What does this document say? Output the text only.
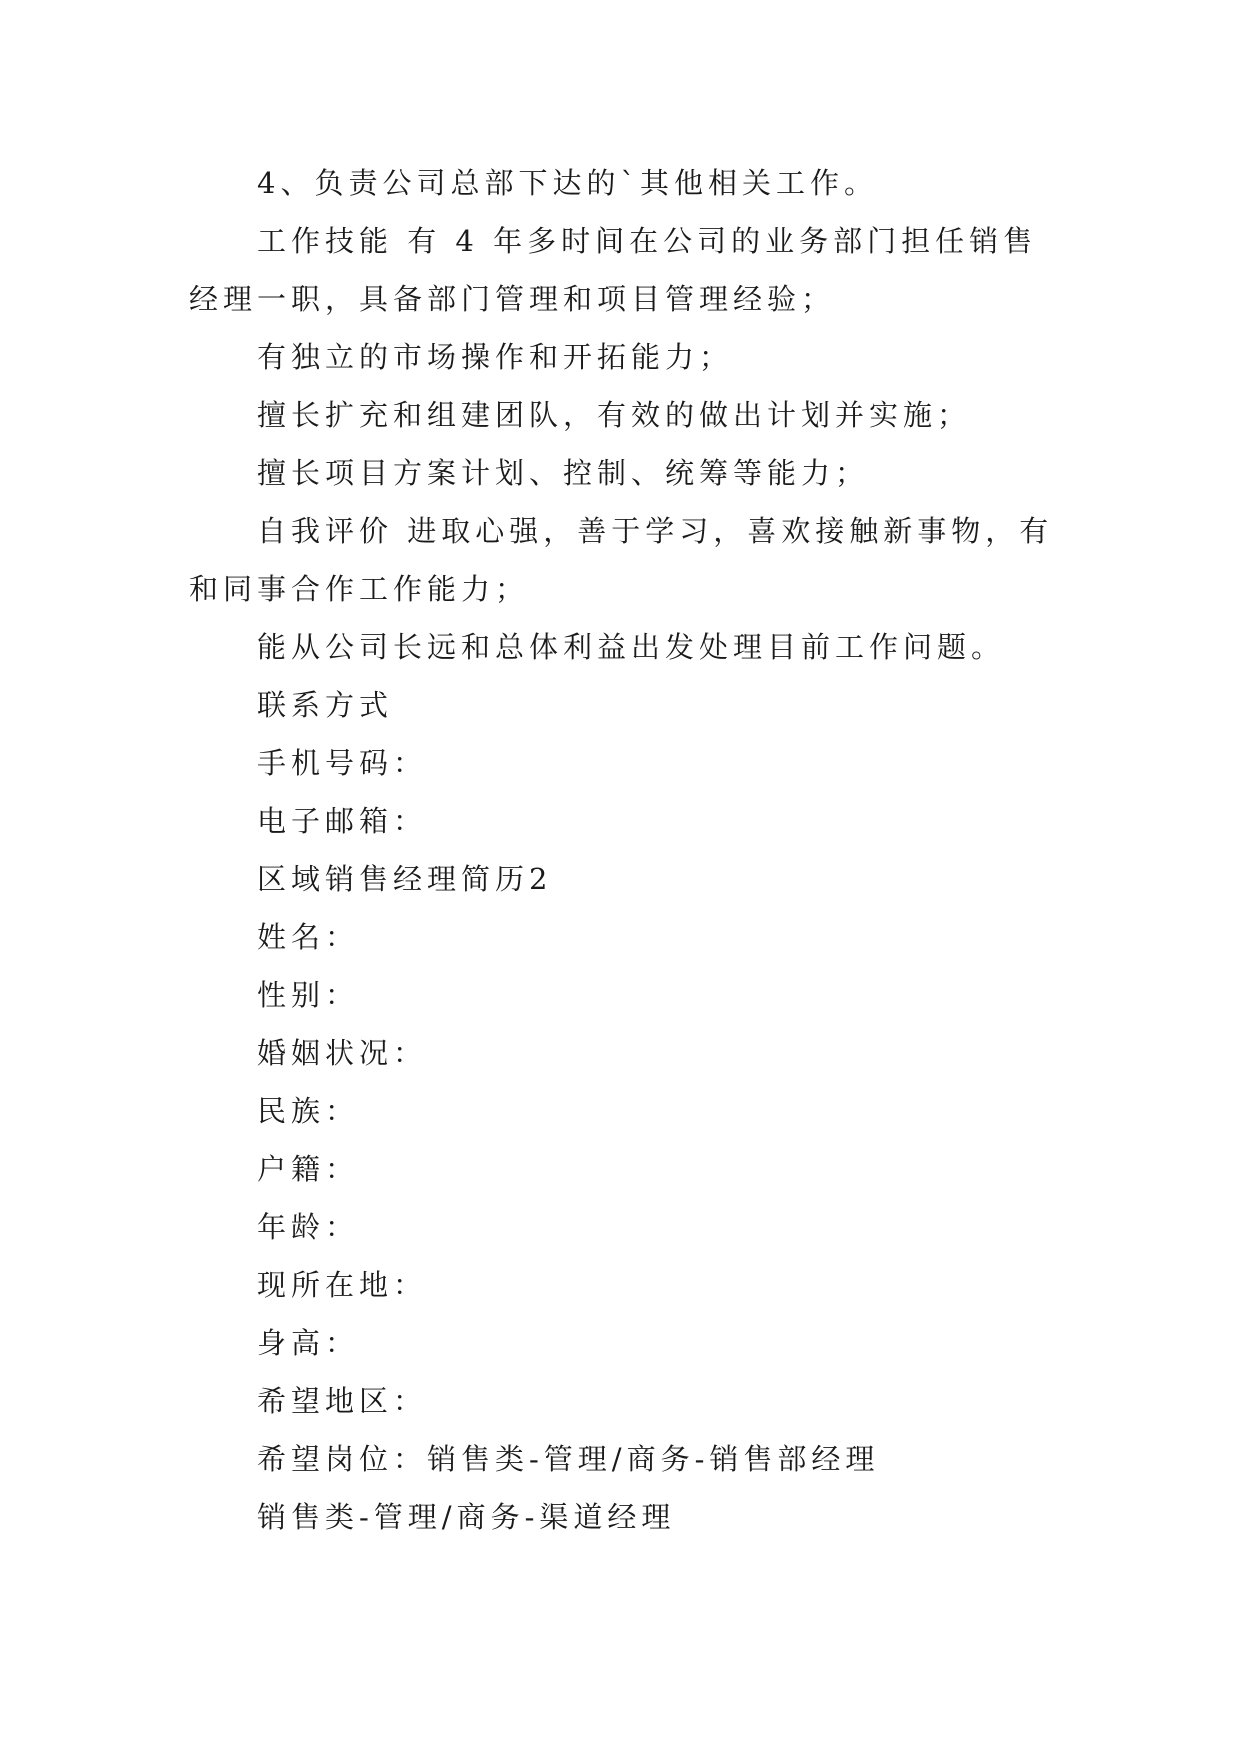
4、负责公司总部下达的`其他相关工作。

工作技能 有 4 年多时间在公司的业务部门担任销售经理一职，具备部门管理和项目管理经验；

有独立的市场操作和开拓能力；

擅长扩充和组建团队，有效的做出计划并实施；

擅长项目方案计划、控制、统筹等能力；

自我评价 进取心强，善于学习，喜欢接触新事物，有和同事合作工作能力；

能从公司长远和总体利益出发处理目前工作问题。

联系方式

手机号码：

电子邮箱：

区域销售经理简历2

姓名：

性别：

婚姻状况：

民族：

户籍：

年龄：

现所在地：

身高：

希望地区：

希望岗位：销售类-管理/商务-销售部经理

销售类-管理/商务-渠道经理
